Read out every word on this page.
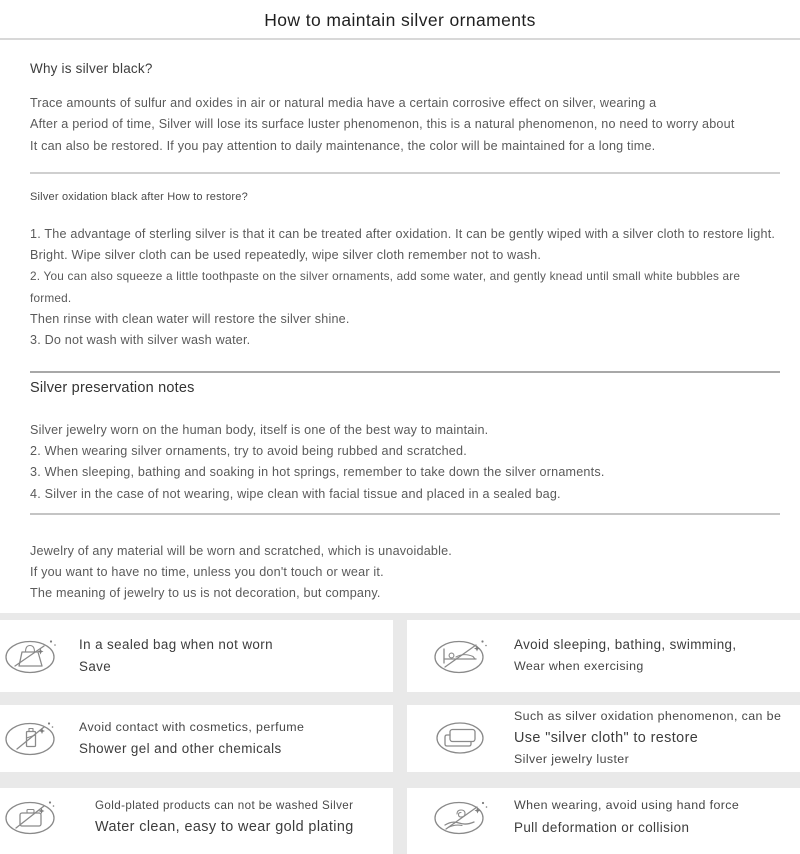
How to maintain silver ornaments
Why is silver black?
Trace amounts of sulfur and oxides in air or natural media have a certain corrosive effect on silver, wearing a
After a period of time, Silver will lose its surface luster phenomenon, this is a natural phenomenon, no need to worry about
It can also be restored. If you pay attention to daily maintenance, the color will be maintained for a long time.
Silver oxidation black after How to restore?
1. The advantage of sterling silver is that it can be treated after oxidation. It can be gently wiped with a silver cloth to restore light.
Bright. Wipe silver cloth can be used repeatedly, wipe silver cloth remember not to wash.
2. You can also squeeze a little toothpaste on the silver ornaments, add some water, and gently knead until small white bubbles are formed.
Then rinse with clean water will restore the silver shine.
3. Do not wash with silver wash water.
Silver preservation notes
Silver jewelry worn on the human body, itself is one of the best way to maintain.
2. When wearing silver ornaments, try to avoid being rubbed and scratched.
3. When sleeping, bathing and soaking in hot springs, remember to take down the silver ornaments.
4. Silver in the case of not wearing, wipe clean with facial tissue and placed in a sealed bag.
Jewelry of any material will be worn and scratched, which is unavoidable.
If you want to have no time, unless you don't touch or wear it.
The meaning of jewelry to us is not decoration, but company.
In a sealed bag when not worn
Save
Avoid sleeping, bathing, swimming,
Wear when exercising
Avoid contact with cosmetics, perfume
Shower gel and other chemicals
Such as silver oxidation phenomenon, can be
Use "silver cloth" to restore
Silver jewelry luster
Gold-plated products can not be washed Silver
Water clean, easy to wear gold plating
When wearing, avoid using hand force
Pull deformation or collision
